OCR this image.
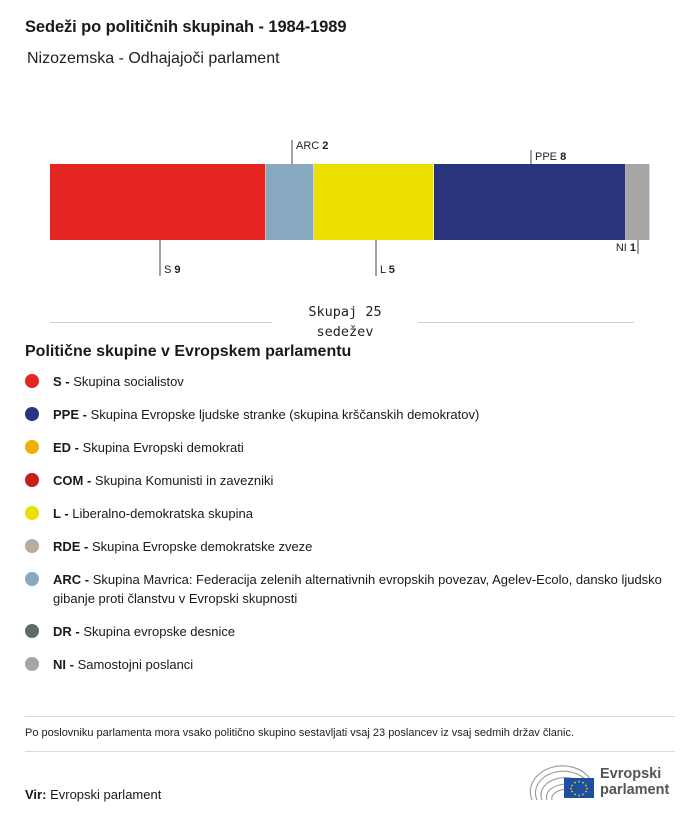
Sedeži po političnih skupinah - 1984-1989
Nizozemska - Odhajajoči parlament
S 9
ARC 2
L 5
PPE 8
NI 1
Skupaj 25
sedežev
Politične skupine v Evropskem parlamentu
S - Skupina socialistov
PPE - Skupina Evropske ljudske stranke (skupina krščanskih demokratov)
ED - Skupina Evropski demokrati
COM - Skupina Komunisti in zavezniki
L - Liberalno-demokratska skupina
RDE - Skupina Evropske demokratske zveze
ARC - Skupina Mavrica: Federacija zelenih alternativnih evropskih povezav, Agelev-Ecolo, dansko ljudsko gibanje proti članstvu v Evropski skupnosti
DR - Skupina evropske desnice
NI - Samostojni poslanci
Po poslovniku parlamenta mora vsako politično skupino sestavljati vsaj 23 poslancev iz vsaj sedmih držav članic.
Vir: Evropski parlament
Evropski
parlament
